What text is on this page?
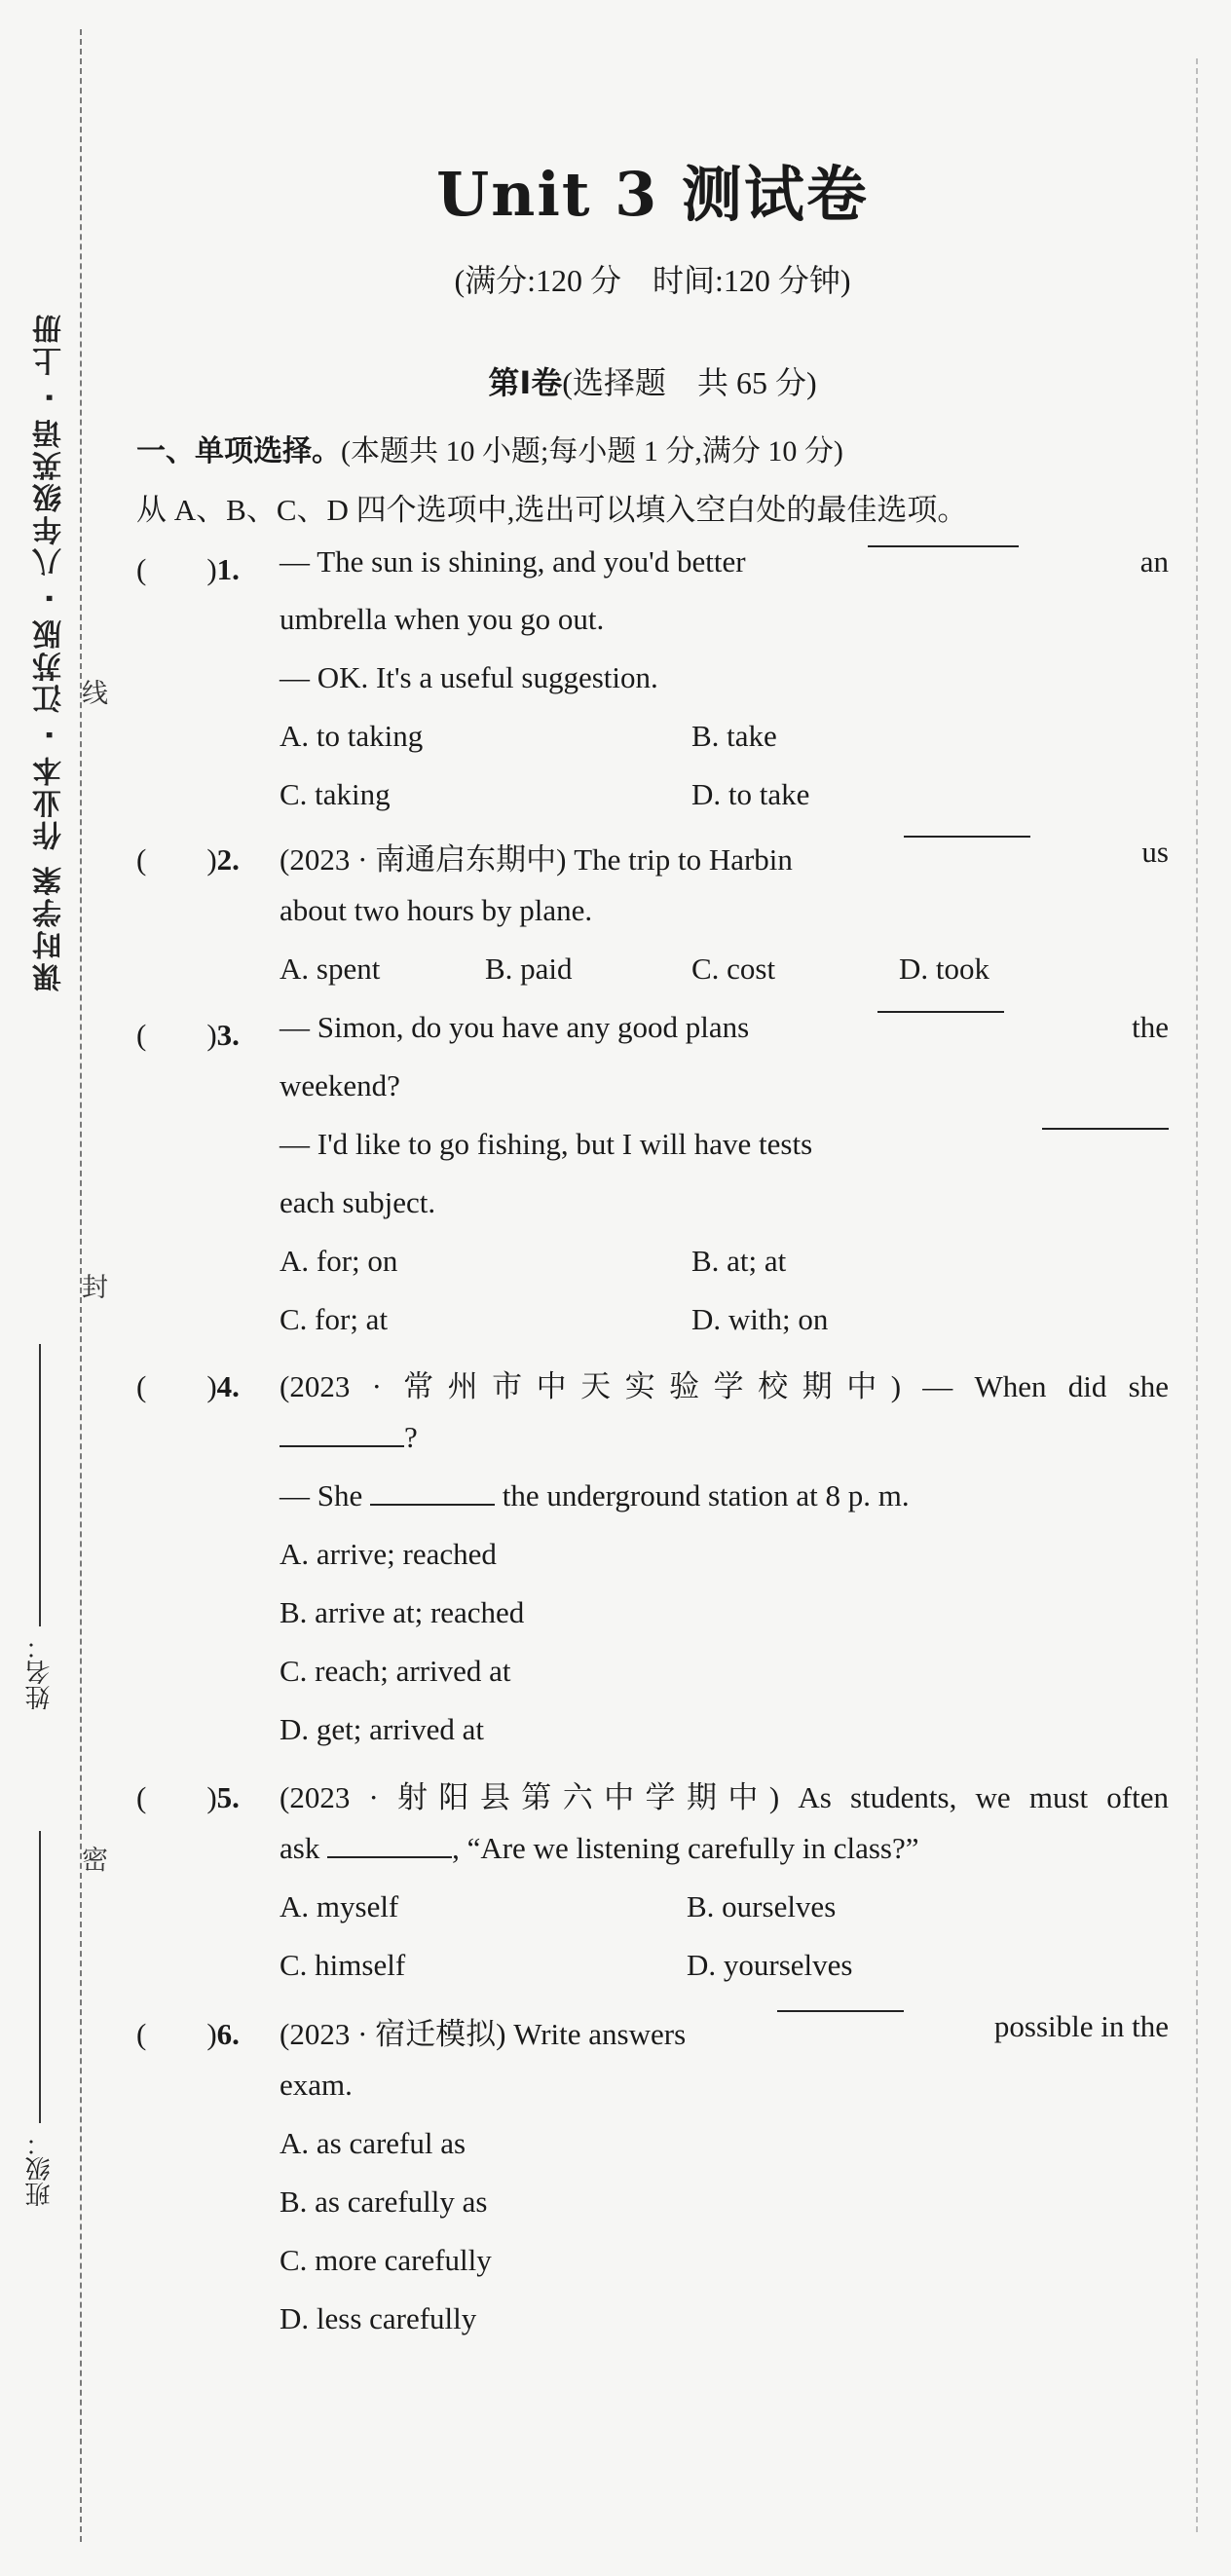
课时学案 作业本 · 江苏版 · 八年级英语 · 上册 线
封
密
姓名：
班级：
Unit 3 测试卷
(满分:120 分　时间:120 分钟)
第Ⅰ卷(选择题　共 65 分)
一、单项选择。(本题共 10 小题;每小题 1 分,满分 10 分)
从 A、B、C、D 四个选项中,选出可以填入空白处的最佳选项。
(　　)1. — The sun is shining, and you'd better	an
umbrella when you go out.
— OK. It's a useful suggestion.
A. to taking	B. take
C. taking	D. to take
(　　)2. (2023 · 南通启东期中) The trip to Harbin	us
about two hours by plane.
A. spent	B. paid	C. cost	D. took
(　　)3. — Simon, do you have any good plans	the
weekend?
— I'd like to go fishing, but I will have tests
each subject.
A. for; on	B. at; at
C. for; at	D. with; on
(　　)4. (2023 · 常州市中天实验学校期中) — When did she
?
— She	the underground station at 8 p. m.
A. arrive; reached
B. arrive at; reached
C. reach; arrived at
D. get; arrived at
(　　)5. (2023 · 射阳县第六中学期中) As students, we must often
ask	, “Are we listening carefully in class?”
A. myself	B. ourselves
C. himself	D. yourselves
(　　)6. (2023 · 宿迁模拟) Write answers	possible in the
exam.
A. as careful as
B. as carefully as
C. more carefully
D. less carefully
